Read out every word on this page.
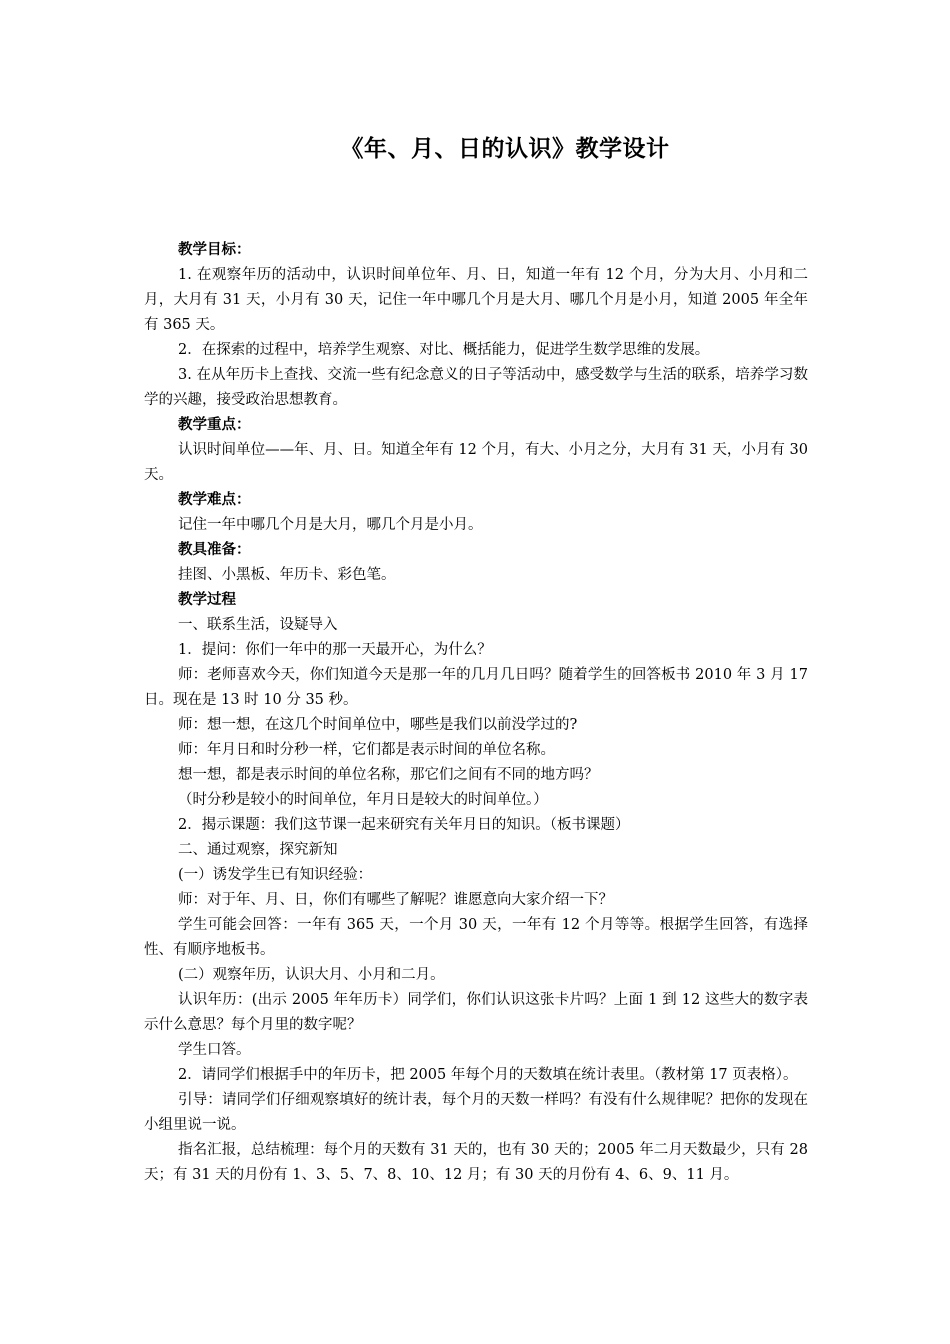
《年、月、日的认识》教学设计

教学目标：

1. 在观察年历的活动中，认识时间单位年、月、日，知道一年有 12 个月，分为大月、小月和二月，大月有 31 天，小月有 30 天，记住一年中哪几个月是大月、哪几个月是小月，知道 2005 年全年有 365 天。

2．在探索的过程中，培养学生观察、对比、概括能力，促进学生数学思维的发展。

3. 在从年历卡上查找、交流一些有纪念意义的日子等活动中，感受数学与生活的联系，培养学习数学的兴趣，接受政治思想教育。

教学重点：

认识时间单位——年、月、日。知道全年有 12 个月，有大、小月之分，大月有 31 天，小月有 30 天。

教学难点：

记住一年中哪几个月是大月，哪几个月是小月。

教具准备：

挂图、小黑板、年历卡、彩色笔。

教学过程

一、联系生活，设疑导入

1．提问：你们一年中的那一天最开心，为什么？

师：老师喜欢今天，你们知道今天是那一年的几月几日吗？随着学生的回答板书 2010 年 3 月 17 日。现在是 13 时 10 分 35 秒。

师：想一想，在这几个时间单位中，哪些是我们以前没学过的?

师：年月日和时分秒一样，它们都是表示时间的单位名称。

想一想，都是表示时间的单位名称，那它们之间有不同的地方吗？

（时分秒是较小的时间单位，年月日是较大的时间单位。）

2．揭示课题：我们这节课一起来研究有关年月日的知识。（板书课题）

二、通过观察，探究新知

(一）诱发学生已有知识经验：

师：对于年、月、日，你们有哪些了解呢？谁愿意向大家介绍一下？

学生可能会回答：一年有 365 天，一个月 30 天，一年有 12 个月等等。根据学生回答，有选择性、有顺序地板书。

(二）观察年历，认识大月、小月和二月。

认识年历：(出示 2005 年年历卡）同学们，你们认识这张卡片吗？上面 1 到 12 这些大的数字表示什么意思？每个月里的数字呢？

学生口答。

2．请同学们根据手中的年历卡，把 2005 年每个月的天数填在统计表里。（教材第 17 页表格）。

引导：请同学们仔细观察填好的统计表，每个月的天数一样吗？有没有什么规律呢？把你的发现在小组里说一说。

指名汇报，总结梳理：每个月的天数有 31 天的，也有 30 天的；2005 年二月天数最少，只有 28 天；有 31 天的月份有 1、3、5、7、8、10、12 月；有 30 天的月份有 4、6、9、11 月。
